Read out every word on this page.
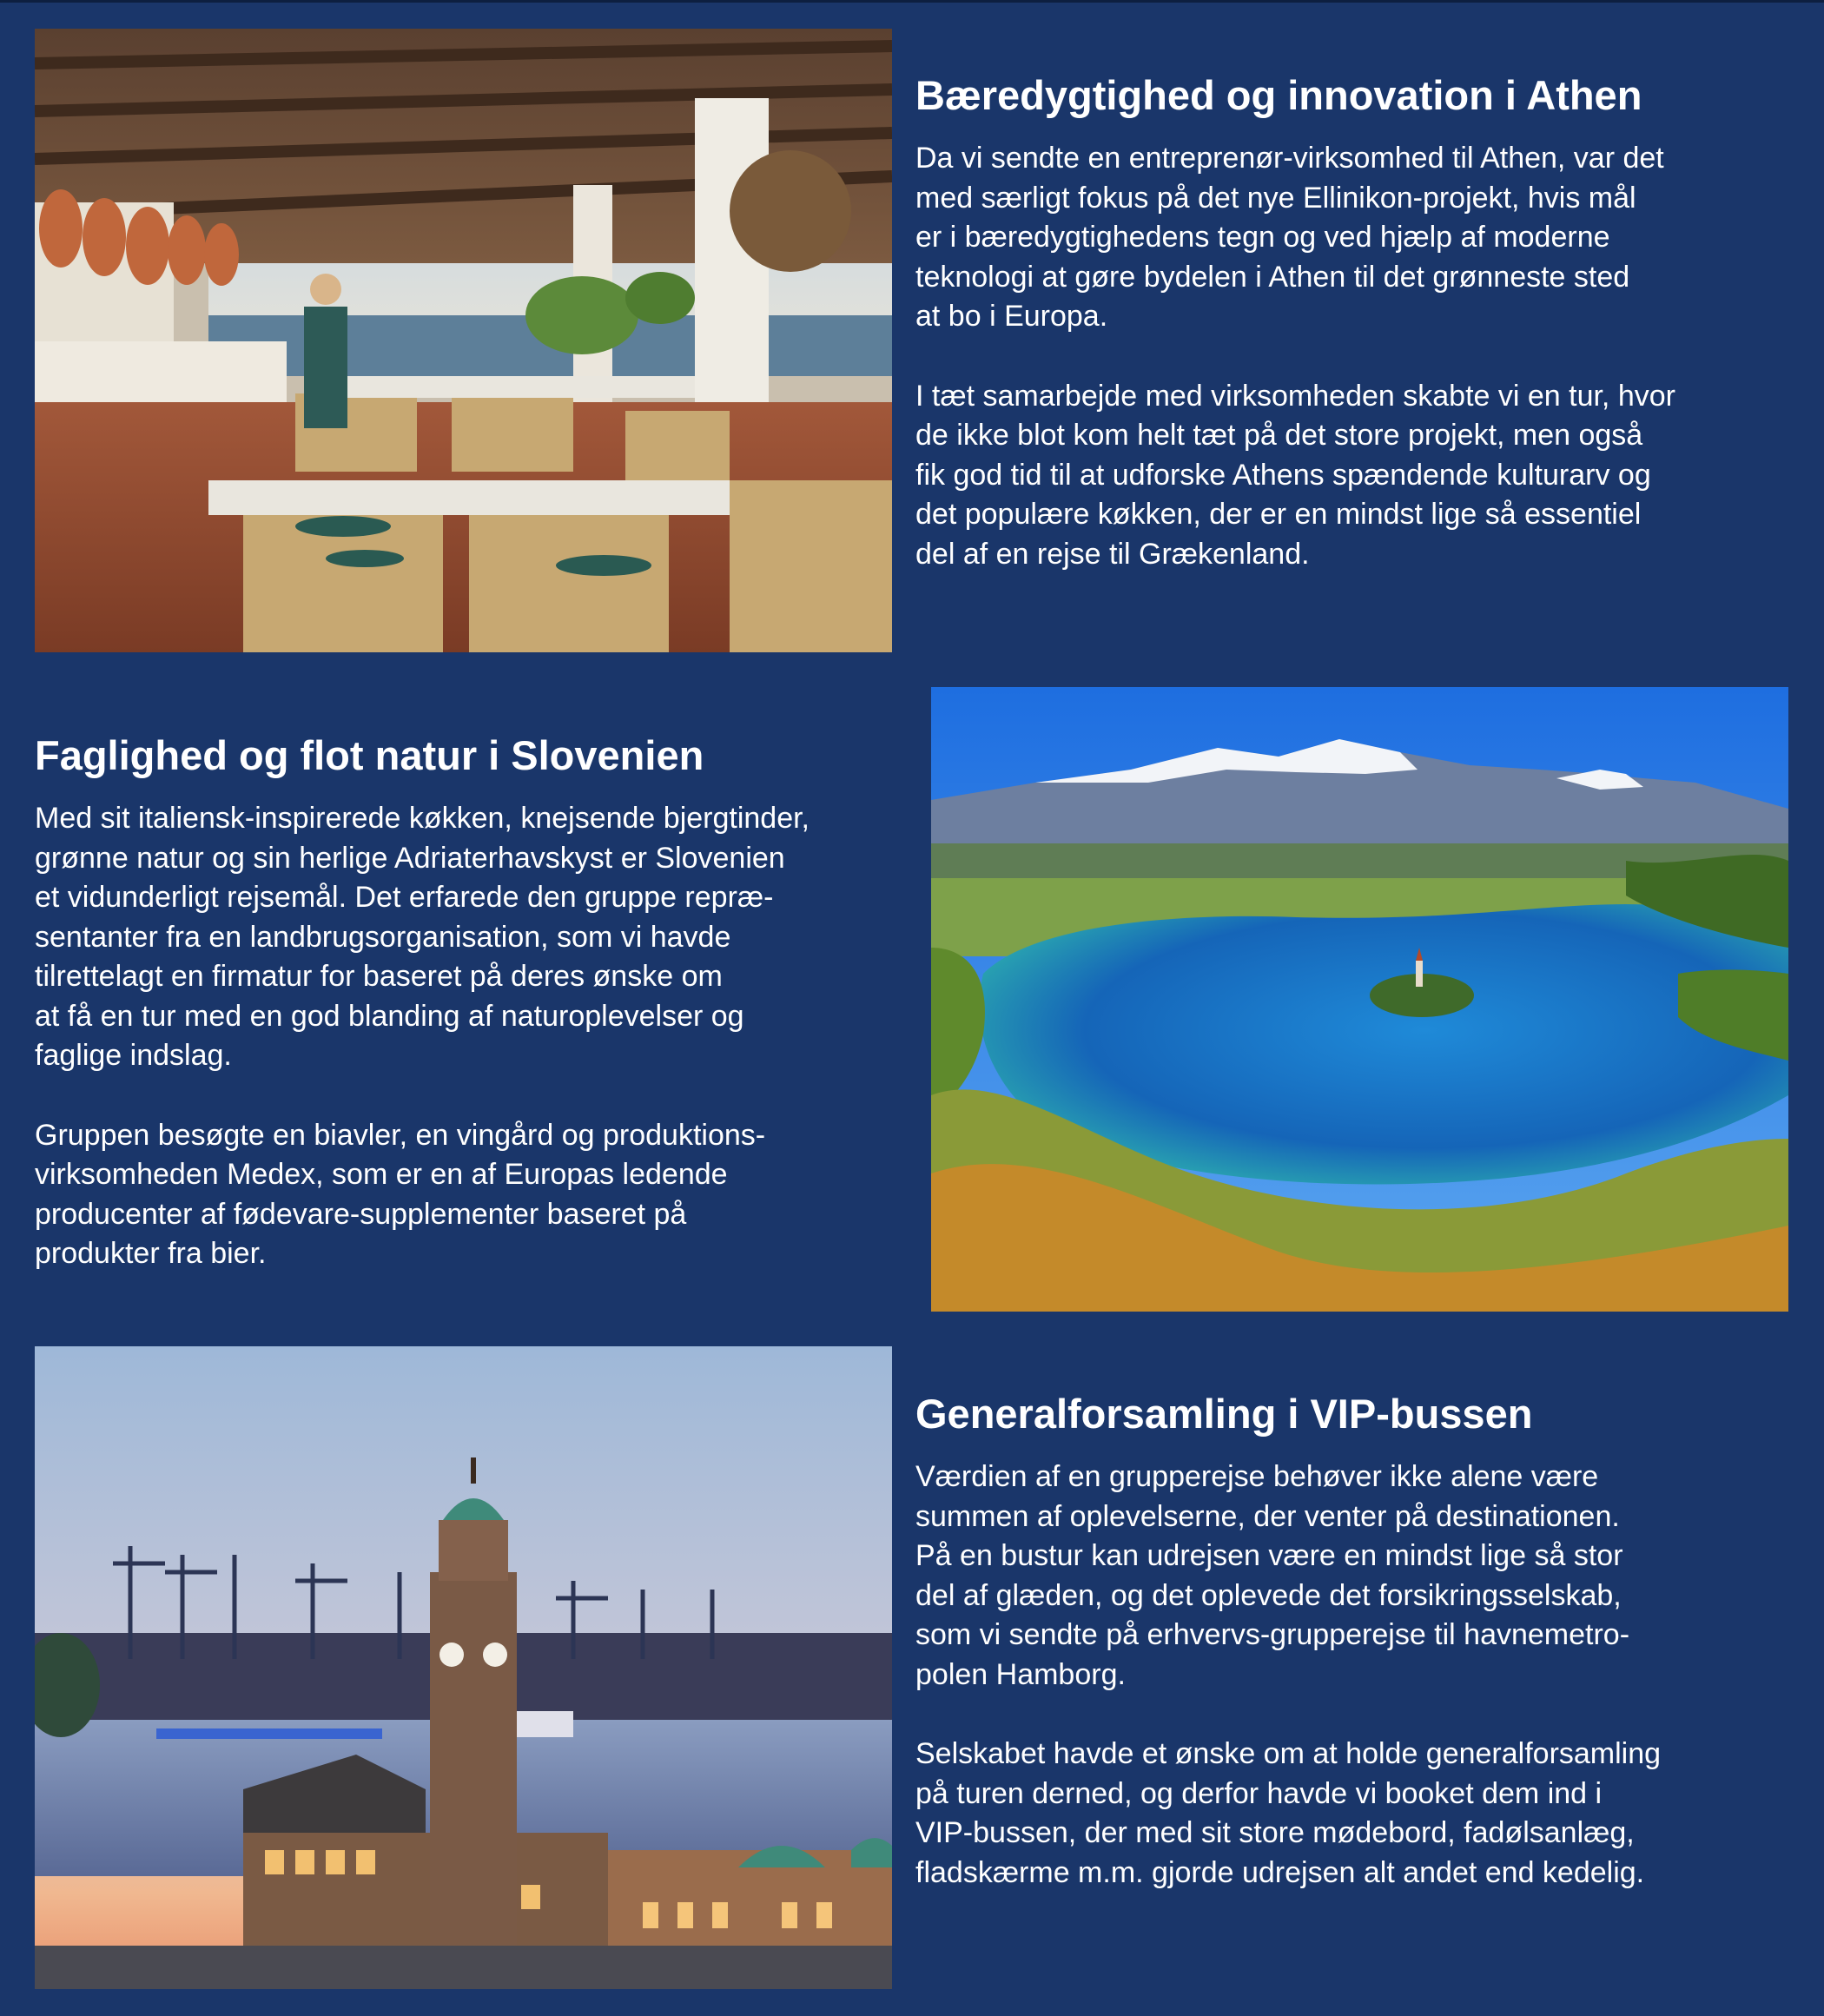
Bæredygtighed og innovation i Athen

Da vi sendte en entreprenør-virksomhed til Athen, var det
med særligt fokus på det nye Ellinikon-projekt, hvis mål
er i bæredygtighedens tegn og ved hjælp af moderne
teknologi at gøre bydelen i Athen til det grønneste sted
at bo i Europa.

I tæt samarbejde med virksomheden skabte vi en tur, hvor
de ikke blot kom helt tæt på det store projekt, men også
fik god tid til at udforske Athens spændende kulturarv og
det populære køkken, der er en mindst lige så essentiel
del af en rejse til Grækenland.

Faglighed og flot natur i Slovenien

Med sit italiensk-inspirerede køkken, knejsende bjergtinder,
grønne natur og sin herlige Adriaterhavskyst er Slovenien
et vidunderligt rejsemål. Det erfarede den gruppe repræ-
sentanter fra en landbrugsorganisation, som vi havde
tilrettelagt en firmatur for baseret på deres ønske om
at få en tur med en god blanding af naturoplevelser og
faglige indslag.

Gruppen besøgte en biavler, en vingård og produktions-
virksomheden Medex, som er en af Europas ledende
producenter af fødevare-supplementer baseret på
produkter fra bier.

Generalforsamling i VIP-bussen

Værdien af en grupperejse behøver ikke alene være
summen af oplevelserne, der venter på destinationen.
På en bustur kan udrejsen være en mindst lige så stor
del af glæden, og det oplevede det forsikringsselskab,
som vi sendte på erhvervs-grupperejse til havnemetro-
polen Hamborg.

Selskabet havde et ønske om at holde generalforsamling
på turen derned, og derfor havde vi booket dem ind i
VIP-bussen, der med sit store mødebord, fadølsanlæg,
fladskærme m.m. gjorde udrejsen alt andet end kedelig.
